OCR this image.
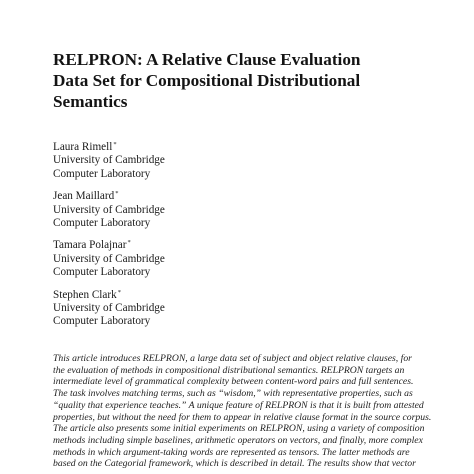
RELPRON: A Relative Clause Evaluation
Data Set for Compositional Distributional
Semantics
Laura Rimell*
University of Cambridge
Computer Laboratory
Jean Maillard*
University of Cambridge
Computer Laboratory
Tamara Polajnar*
University of Cambridge
Computer Laboratory
Stephen Clark*
University of Cambridge
Computer Laboratory
This article introduces RELPRON, a large data set of subject and object relative clauses, for
the evaluation of methods in compositional distributional semantics. RELPRON targets an
intermediate level of grammatical complexity between content-word pairs and full sentences.
The task involves matching terms, such as “wisdom,” with representative properties, such as
“quality that experience teaches.” A unique feature of RELPRON is that it is built from attested
properties, but without the need for them to appear in relative clause format in the source corpus.
The article also presents some initial experiments on RELPRON, using a variety of composition
methods including simple baselines, arithmetic operators on vectors, and finally, more complex
methods in which argument-taking words are represented as tensors. The latter methods are
based on the Categorial framework, which is described in detail. The results show that vector
